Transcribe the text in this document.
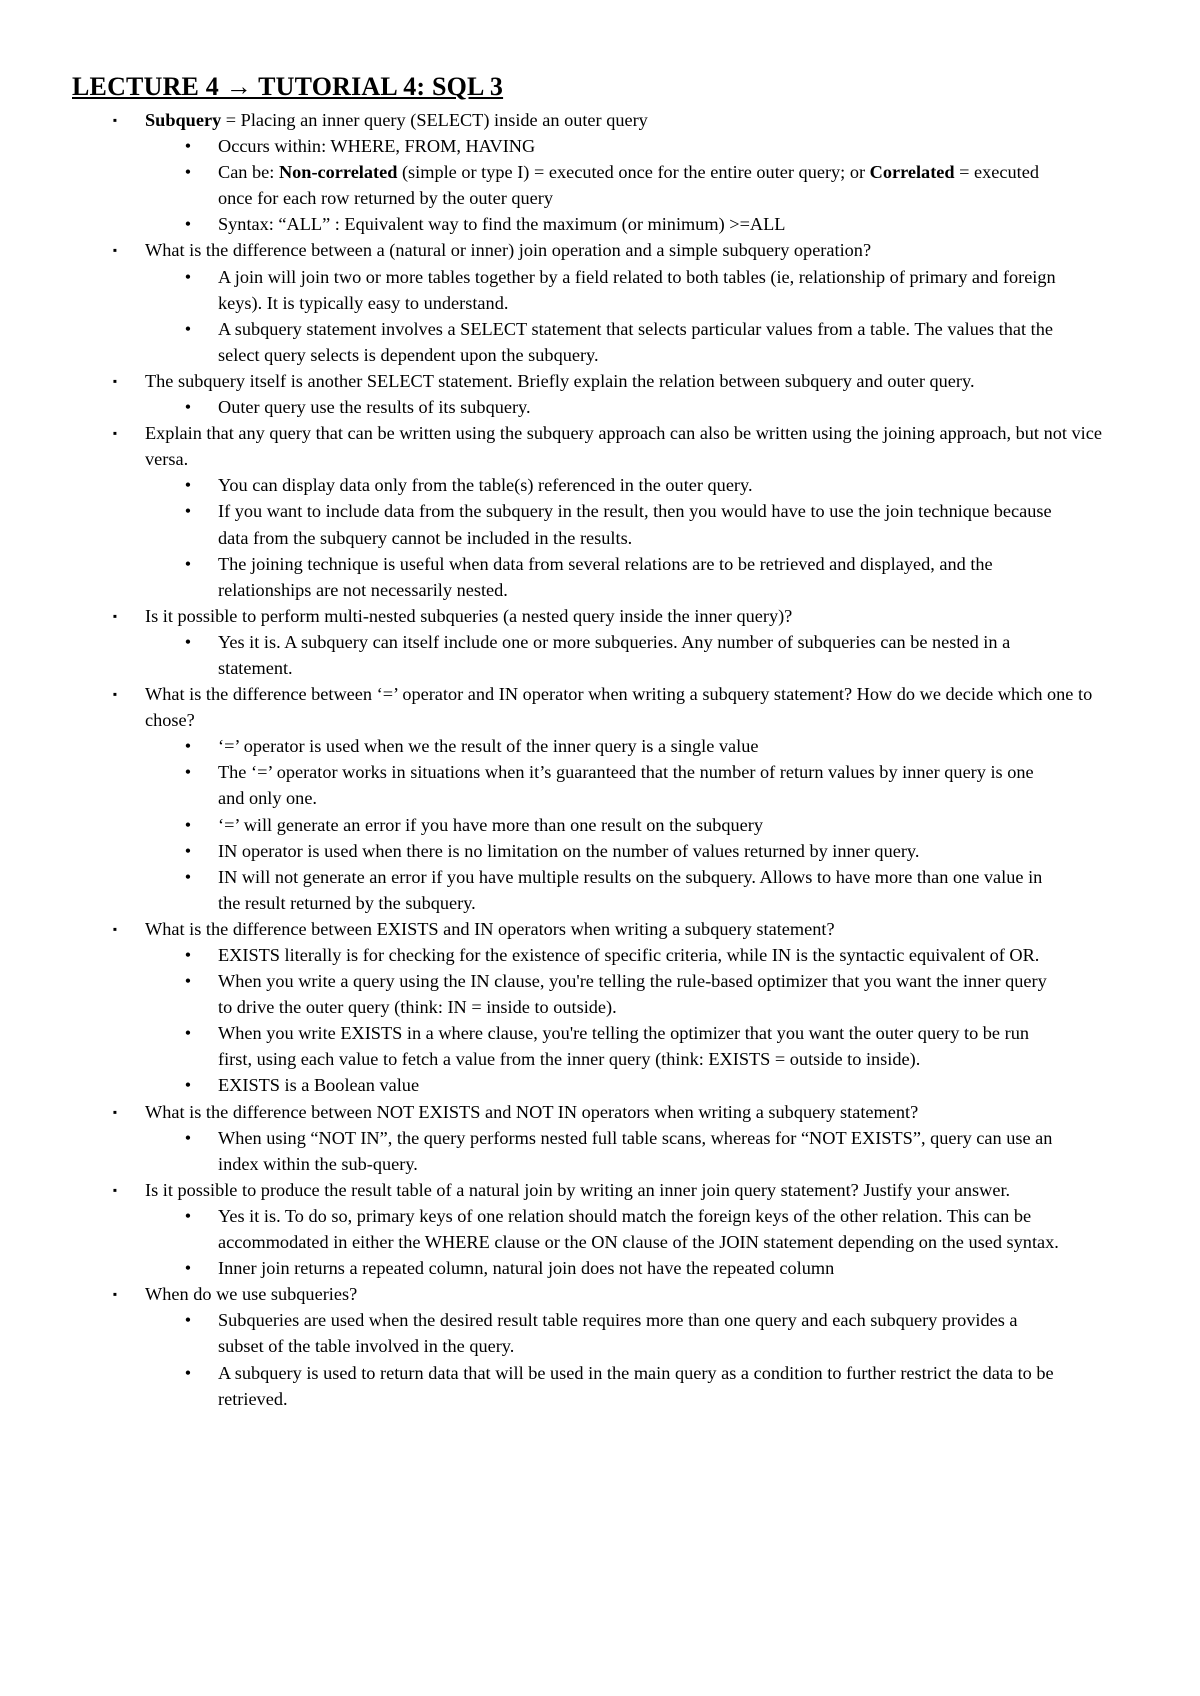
LECTURE 4 → TUTORIAL 4: SQL 3
▪ Subquery = Placing an inner query (SELECT) inside an outer query
• Occurs within: WHERE, FROM, HAVING
• Can be: Non-correlated (simple or type I) = executed once for the entire outer query; or Correlated = executed once for each row returned by the outer query
• Syntax: “ALL” : Equivalent way to find the maximum (or minimum) >=ALL
▪ What is the difference between a (natural or inner) join operation and a simple subquery operation?
• A join will join two or more tables together by a field related to both tables (ie, relationship of primary and foreign keys). It is typically easy to understand.
• A subquery statement involves a SELECT statement that selects particular values from a table. The values that the select query selects is dependent upon the subquery.
▪ The subquery itself is another SELECT statement. Briefly explain the relation between subquery and outer query.
• Outer query use the results of its subquery.
▪ Explain that any query that can be written using the subquery approach can also be written using the joining approach, but not vice versa.
• You can display data only from the table(s) referenced in the outer query.
• If you want to include data from the subquery in the result, then you would have to use the join technique because data from the subquery cannot be included in the results.
• The joining technique is useful when data from several relations are to be retrieved and displayed, and the relationships are not necessarily nested.
▪ Is it possible to perform multi-nested subqueries (a nested query inside the inner query)?
• Yes it is. A subquery can itself include one or more subqueries. Any number of subqueries can be nested in a statement.
▪ What is the difference between ‘=’ operator and IN operator when writing a subquery statement? How do we decide which one to chose?
• ‘=’ operator is used when we the result of the inner query is a single value
• The ‘=’ operator works in situations when it’s guaranteed that the number of return values by inner query is one and only one.
• ‘=’ will generate an error if you have more than one result on the subquery
• IN operator is used when there is no limitation on the number of values returned by inner query.
• IN will not generate an error if you have multiple results on the subquery. Allows to have more than one value in the result returned by the subquery.
▪ What is the difference between EXISTS and IN operators when writing a subquery statement?
• EXISTS literally is for checking for the existence of specific criteria, while IN is the syntactic equivalent of OR.
• When you write a query using the IN clause, you're telling the rule-based optimizer that you want the inner query to drive the outer query (think: IN = inside to outside).
• When you write EXISTS in a where clause, you're telling the optimizer that you want the outer query to be run first, using each value to fetch a value from the inner query (think: EXISTS = outside to inside).
• EXISTS is a Boolean value
▪ What is the difference between NOT EXISTS and NOT IN operators when writing a subquery statement?
• When using “NOT IN”, the query performs nested full table scans, whereas for “NOT EXISTS”, query can use an index within the sub-query.
▪ Is it possible to produce the result table of a natural join by writing an inner join query statement? Justify your answer.
• Yes it is. To do so, primary keys of one relation should match the foreign keys of the other relation. This can be accommodated in either the WHERE clause or the ON clause of the JOIN statement depending on the used syntax.
• Inner join returns a repeated column, natural join does not have the repeated column
▪ When do we use subqueries?
• Subqueries are used when the desired result table requires more than one query and each subquery provides a subset of the table involved in the query.
• A subquery is used to return data that will be used in the main query as a condition to further restrict the data to be retrieved.
